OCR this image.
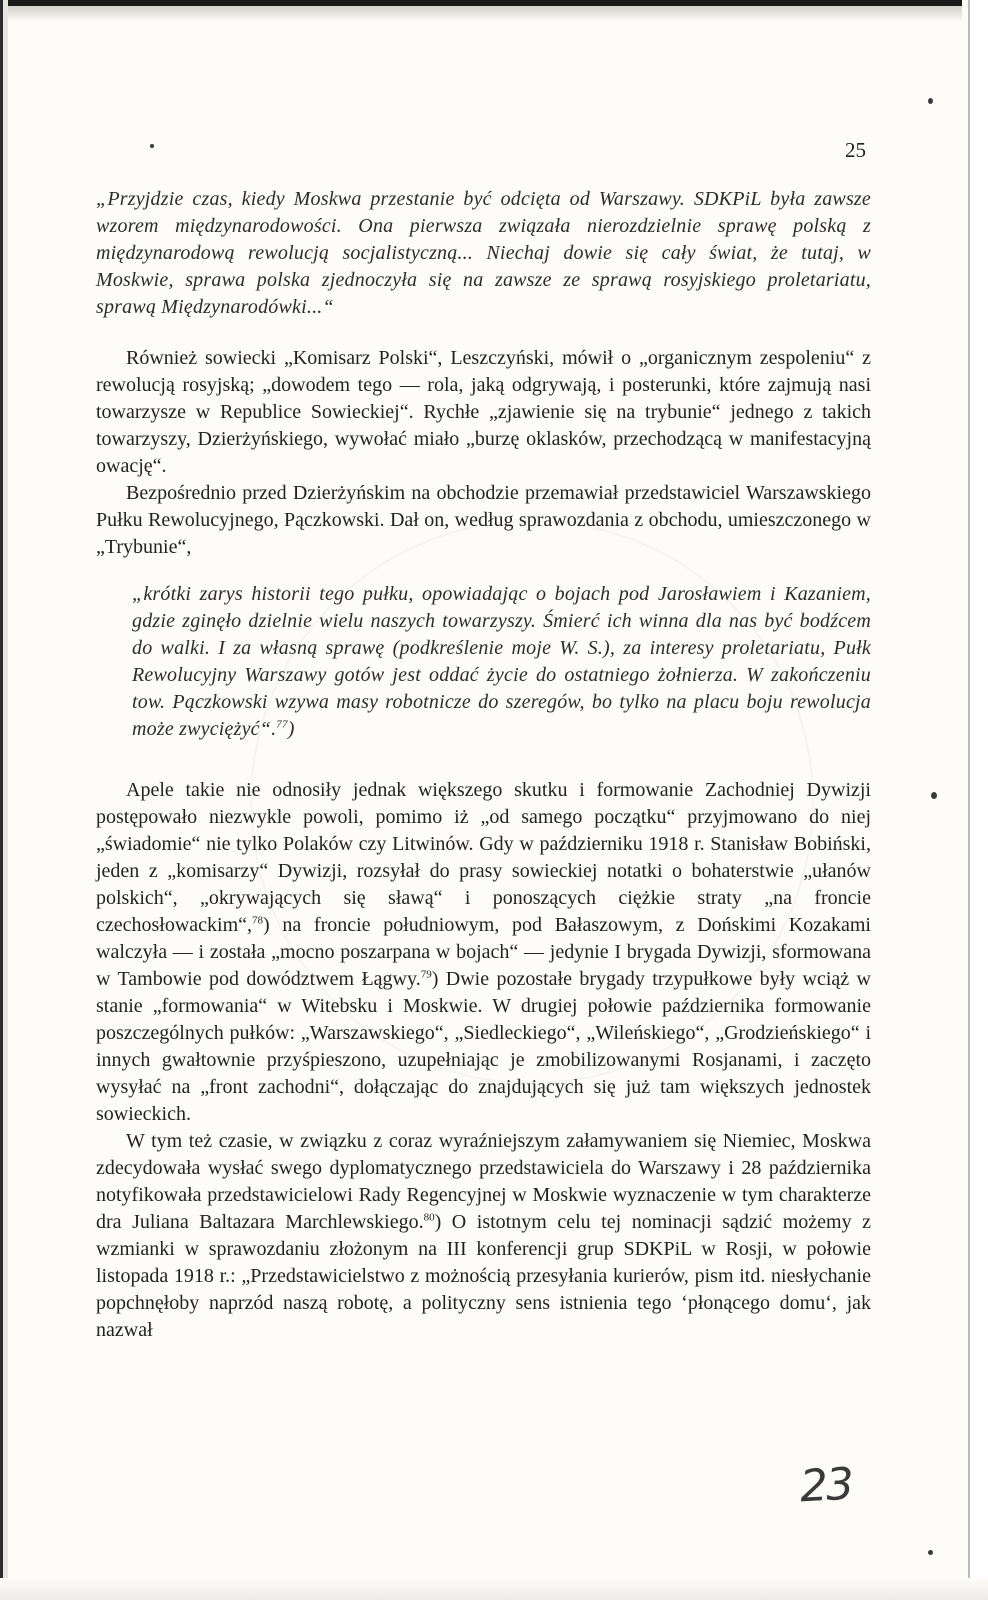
25
„Przyjdzie czas, kiedy Moskwa przestanie być odcięta od Warszawy. SDKPiL była zawsze wzorem międzynarodowości. Ona pierwsza związała nierozdzielnie sprawę polską z międzynarodową rewolucją socjalistyczną... Niechaj dowie się cały świat, że tutaj, w Moskwie, sprawa polska zjednoczyła się na zawsze ze sprawą rosyjskiego proletariatu, sprawą Międzynarodówki...“

Również sowiecki „Komisarz Polski“, Leszczyński, mówił o „organicznym zespoleniu“ z rewolucją rosyjską; „dowodem tego — rola, jaką odgrywają, i posterunki, które zajmują nasi towarzysze w Republice Sowieckiej“. Rychłe „zjawienie się na trybunie“ jednego z takich towarzyszy, Dzierżyńskiego, wywołać miało „burzę oklasków, przechodzącą w manifestacyjną owację“.

Bezpośrednio przed Dzierżyńskim na obchodzie przemawiał przedstawiciel Warszawskiego Pułku Rewolucyjnego, Pączkowski. Dał on, według sprawozdania z obchodu, umieszczonego w „Trybunie“,

„krótki zarys historii tego pułku, opowiadając o bojach pod Jarosławiem i Kazaniem, gdzie zginęło dzielnie wielu naszych towarzyszy. Śmierć ich winna dla nas być bodźcem do walki. I za własną sprawę (podkreślenie moje W. S.), za interesy proletariatu, Pułk Rewolucyjny Warszawy gotów jest oddać życie do ostatniego żołnierza. W zakończeniu tow. Pączkowski wzywa masy robotnicze do szeregów, bo tylko na placu boju rewolucja może zwyciężyć“.$^{77}$)

Apele takie nie odnosiły jednak większego skutku i formowanie Zachodniej Dywizji postępowało niezwykle powoli, pomimo iż „od samego początku“ przyjmowano do niej „świadomie“ nie tylko Polaków czy Litwinów. Gdy w październiku 1918 r. Stanisław Bobiński, jeden z „komisarzy“ Dywizji, rozsyłał do prasy sowieckiej notatki o bohaterstwie „ułanów polskich“, „okrywających się sławą“ i ponoszących ciężkie straty „na froncie czechosłowackim“,$^{78}$) na froncie południowym, pod Bałaszowym, z Dońskimi Kozakami walczyła — i została „mocno poszarpana w bojach“ — jedynie I brygada Dywizji, sformowana w Tambowie pod dowództwem Łągwy.$^{79}$) Dwie pozostałe brygady trzypułkowe były wciąż w stanie „formowania“ w Witebsku i Moskwie. W drugiej połowie października formowanie poszczególnych pułków: „Warszawskiego“, „Siedleckiego“, „Wileńskiego“, „Grodzieńskiego“ i innych gwałtownie przyśpieszono, uzupełniając je zmobilizowanymi Rosjanami, i zaczęto wysyłać na „front zachodni“, dołączając do znajdujących się już tam większych jednostek sowieckich.

W tym też czasie, w związku z coraz wyraźniejszym załamywaniem się Niemiec, Moskwa zdecydowała wysłać swego dyplomatycznego przedstawiciela do Warszawy i 28 października notyfikowała przedstawicielowi Rady Regencyjnej w Moskwie wyznaczenie w tym charakterze dra Juliana Baltazara Marchlewskiego.$^{80}$) O istotnym celu tej nominacji sądzić możemy z wzmianki w sprawozdaniu złożonym na III konferencji grup SDKPiL w Rosji, w połowie listopada 1918 r.: „Przedstawicielstwo z możnością przesyłania kurierów, pism itd. niesłychanie popchnęłoby naprzód naszą robotę, a polityczny sens istnienia tego ‘płonącego domu‘, jak nazwał

23
